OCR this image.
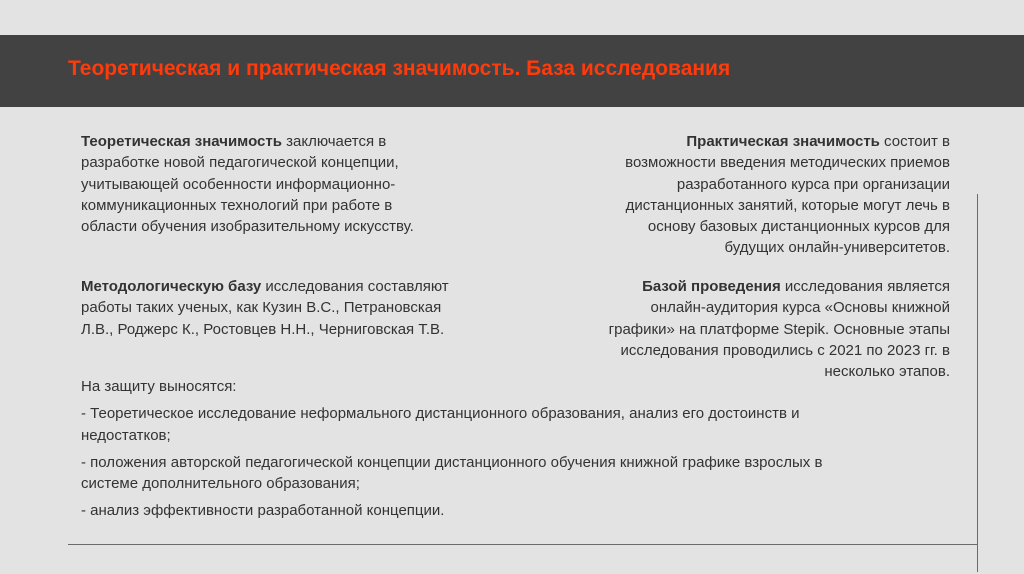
Теоретическая и практическая значимость. База исследования
Теоретическая значимость заключается в
разработке новой педагогической концепции,
учитывающей особенности информационно-
коммуникационных технологий при работе в
области обучения изобразительному искусству.
Практическая значимость состоит в
возможности введения методических приемов
разработанного курса при организации
дистанционных занятий, которые могут лечь в
основу базовых дистанционных курсов для
будущих онлайн-университетов.
Методологическую базу исследования составляют
работы таких ученых, как Кузин В.С., Петрановская
Л.В., Роджерс К., Ростовцев Н.Н., Черниговская Т.В.
Базой проведения исследования является
онлайн-аудитория курса «Основы книжной
графики» на платформе Stepik. Основные этапы
исследования проводились с 2021 по 2023 гг. в
несколько этапов.

На защиту выносятся:

- Теоретическое исследование неформального дистанционного образования, анализ его достоинств и
недостатков;

- положения авторской педагогической концепции дистанционного обучения книжной графике взрослых в
системе дополнительного образования;

- анализ эффективности разработанной концепции.
